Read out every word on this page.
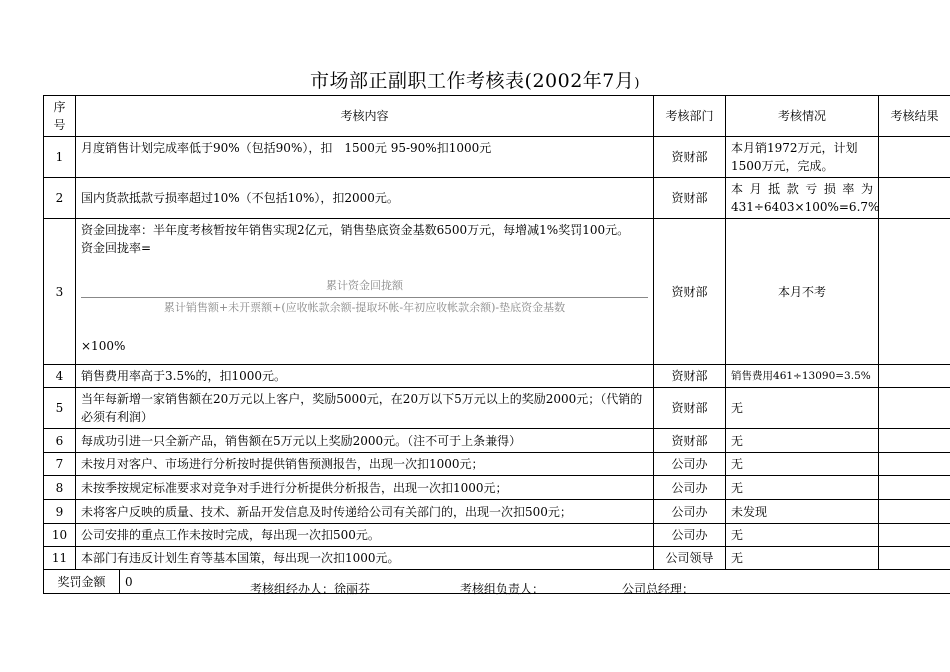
市场部正副职工作考核表(2002年7月)
序号	考核内容		考核部门	考核情况	考核结果
1	月度销售计划完成率低于90%（包括90%），扣　1500元 95-90%扣1000元		资财部	本月销1972万元，计划1500万元，完成。	
2	国内货款抵款亏损率超过10%（不包括10%），扣2000元。		资财部	本月抵款亏损率为431÷6403×100%=6.7%	
3	资金回拢率：半年度考核暂按年销售实现2亿元，销售垫底资金基数6500万元，每增减1%奖罚100元。
资金回拢率=
累计资金回拢额
累计销售额+未开票额+(应收帐款余额-提取坏帐-年初应收帐款余额)-垫底资金基数
×100%		资财部	本月不考	
4	销售费用率高于3.5%的，扣1000元。		资财部	销售费用461÷13090=3.5%	
5	当年每新增一家销售额在20万元以上客户，奖励5000元，在20万以下5万元以上的奖励2000元；（代销的必须有利润）		资财部	无	
6	每成功引进一只全新产品，销售额在5万元以上奖励2000元。（注不可于上条兼得）		资财部	无	
7	未按月对客户、市场进行分析按时提供销售预测报告，出现一次扣1000元；		公司办	无	
8	未按季按规定标准要求对竞争对手进行分析提供分析报告，出现一次扣1000元；		公司办	无	
9	未将客户反映的质量、技术、新品开发信息及时传递给公司有关部门的，出现一次扣500元；		公司办	未发现	
10	公司安排的重点工作未按时完成，每出现一次扣500元。		公司办	无	
11	本部门有违反计划生育等基本国策，每出现一次扣1000元。		公司领导	无	
奖罚金额		0			
考核组经办人：徐丽芬	考核组负责人：	公司总经理：
